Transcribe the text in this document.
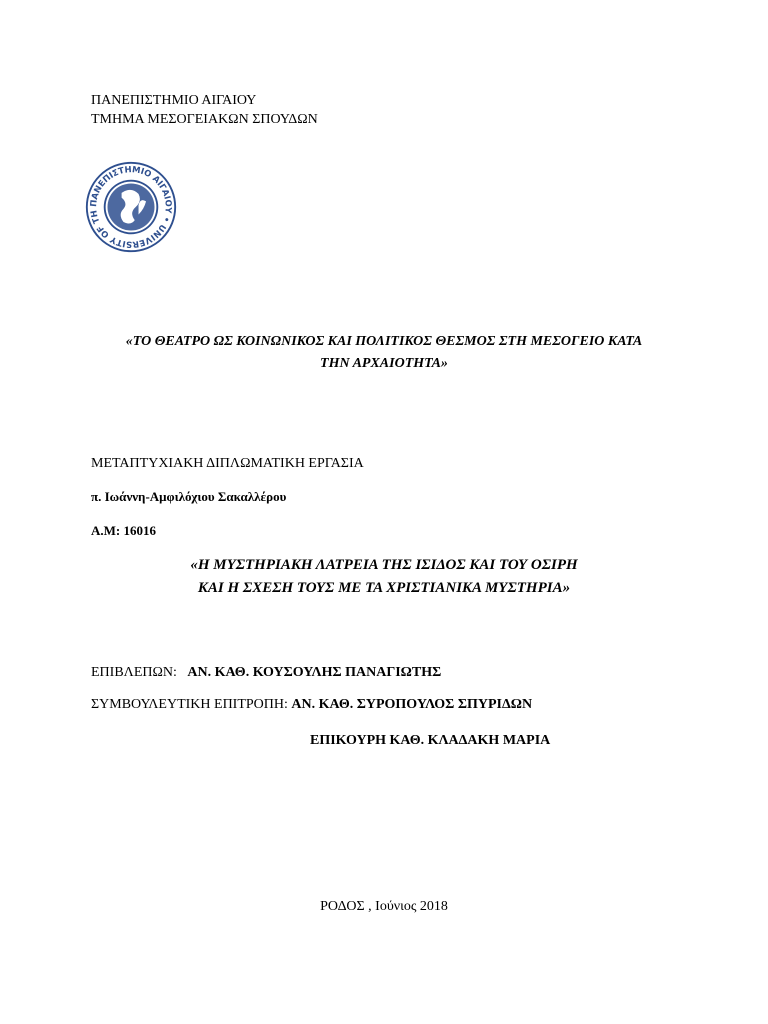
ΠΑΝΕΠΙΣΤΗΜΙΟ ΑΙΓΑΙΟΥ
ΤΜΗΜΑ ΜΕΣΟΓΕΙΑΚΩΝ ΣΠΟΥΔΩΝ
ΠΑΝΕΠΙΣΤΗΜΙΟ ΑΙΓΑΙΟΥ • UNIVERSITY OF TH
«ΤΟ ΘΕΑΤΡΟ ΩΣ ΚΟΙΝΩΝΙΚΟΣ ΚΑΙ ΠΟΛΙΤΙΚΟΣ ΘΕΣΜΟΣ ΣΤΗ ΜΕΣΟΓΕΙΟ ΚΑΤΑ
ΤΗΝ ΑΡΧΑΙΟΤΗΤΑ»
ΜΕΤΑΠΤΥΧΙΑΚΗ ΔΙΠΛΩΜΑΤΙΚΗ ΕΡΓΑΣΙΑ
π. Ιωάννη-Αμφιλόχιου Σακαλλέρου
Α.Μ: 16016
«Η ΜΥΣΤΗΡΙΑΚΗ ΛΑΤΡΕΙΑ ΤΗΣ ΙΣΙΔΟΣ ΚΑΙ ΤΟΥ ΟΣΙΡΗ
ΚΑΙ Η ΣΧΕΣΗ ΤΟΥΣ ΜΕ ΤΑ ΧΡΙΣΤΙΑΝΙΚΑ ΜΥΣΤΗΡΙΑ»
ΕΠΙΒΛΕΠΩΝ: ΑΝ. ΚΑΘ. ΚΟΥΣΟΥΛΗΣ ΠΑΝΑΓΙΩΤΗΣ
ΣΥΜΒΟΥΛΕΥΤΙΚΗ ΕΠΙΤΡΟΠΗ: ΑΝ. ΚΑΘ. ΣΥΡΟΠΟΥΛΟΣ ΣΠΥΡΙΔΩΝ
ΕΠΙΚΟΥΡΗ ΚΑΘ. ΚΛΑΔΑΚΗ ΜΑΡΙΑ
ΡΟΔΟΣ , Ιούνιος 2018
